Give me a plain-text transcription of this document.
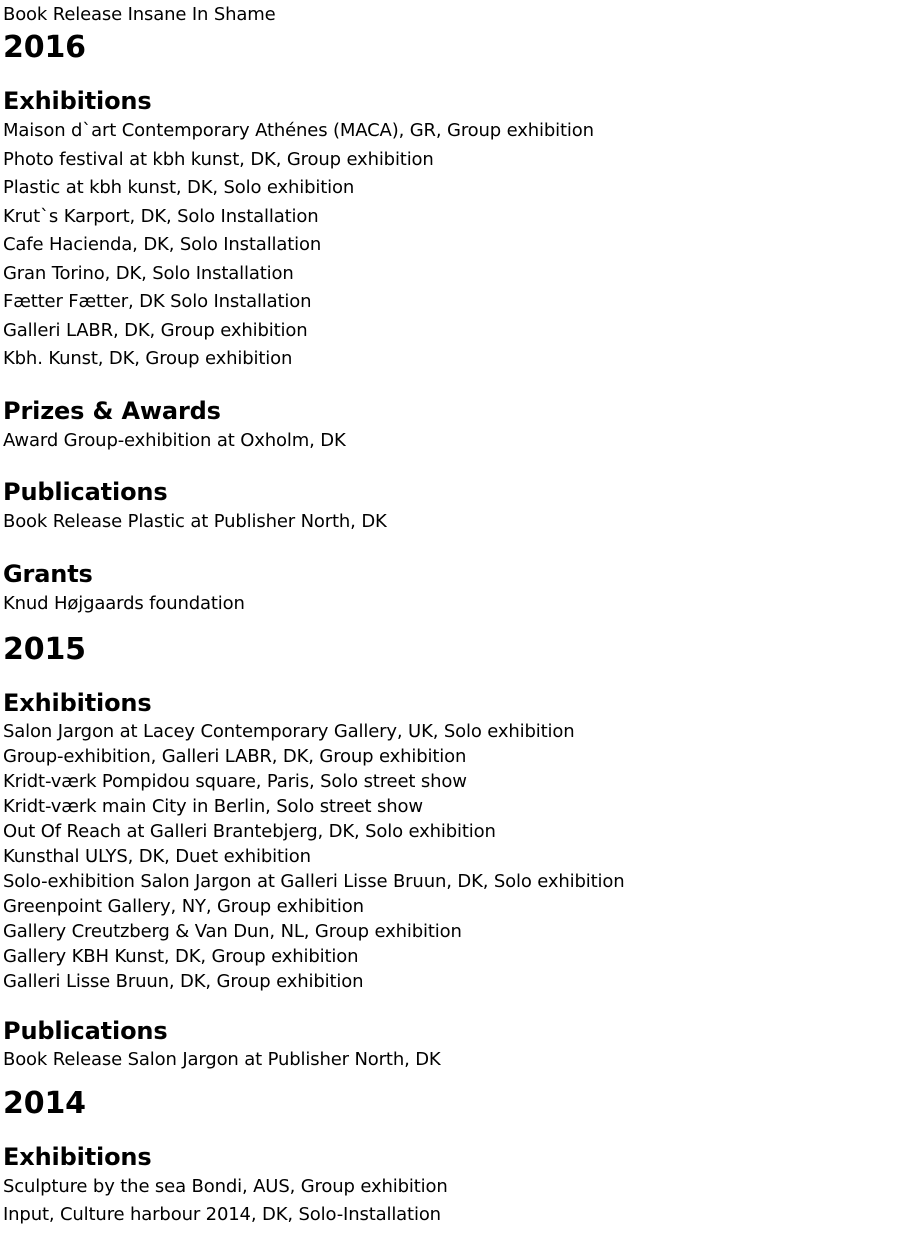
Book Release Insane In Shame
2016
Exhibitions
Maison d`art Contemporary Athénes (MACA), GR, Group exhibition
Photo festival at kbh kunst, DK, Group exhibition
Plastic at kbh kunst, DK, Solo exhibition
Krut`s Karport, DK, Solo Installation
Cafe Hacienda, DK, Solo Installation
Gran Torino, DK, Solo Installation
Fætter Fætter, DK Solo Installation
Galleri LABR, DK, Group exhibition
Kbh. Kunst, DK, Group exhibition
Prizes & Awards
Award Group-exhibition at Oxholm, DK
Publications
Book Release Plastic at Publisher North, DK
Grants
Knud Højgaards foundation
2015
Exhibitions
Salon Jargon at Lacey Contemporary Gallery, UK, Solo exhibition
Group-exhibition, Galleri LABR, DK, Group exhibition
Kridt-værk Pompidou square, Paris, Solo street show
Kridt-værk main City in Berlin, Solo street show
Out Of Reach at Galleri Brantebjerg, DK, Solo exhibition
Kunsthal ULYS, DK, Duet exhibition
Solo-exhibition Salon Jargon at Galleri Lisse Bruun, DK, Solo exhibition
Greenpoint Gallery, NY, Group exhibition
Gallery Creutzberg & Van Dun, NL, Group exhibition
Gallery KBH Kunst, DK, Group exhibition
Galleri Lisse Bruun, DK, Group exhibition
Publications
Book Release Salon Jargon at Publisher North, DK
2014
Exhibitions
Sculpture by the sea Bondi, AUS, Group exhibition
Input, Culture harbour 2014, DK, Solo-Installation
